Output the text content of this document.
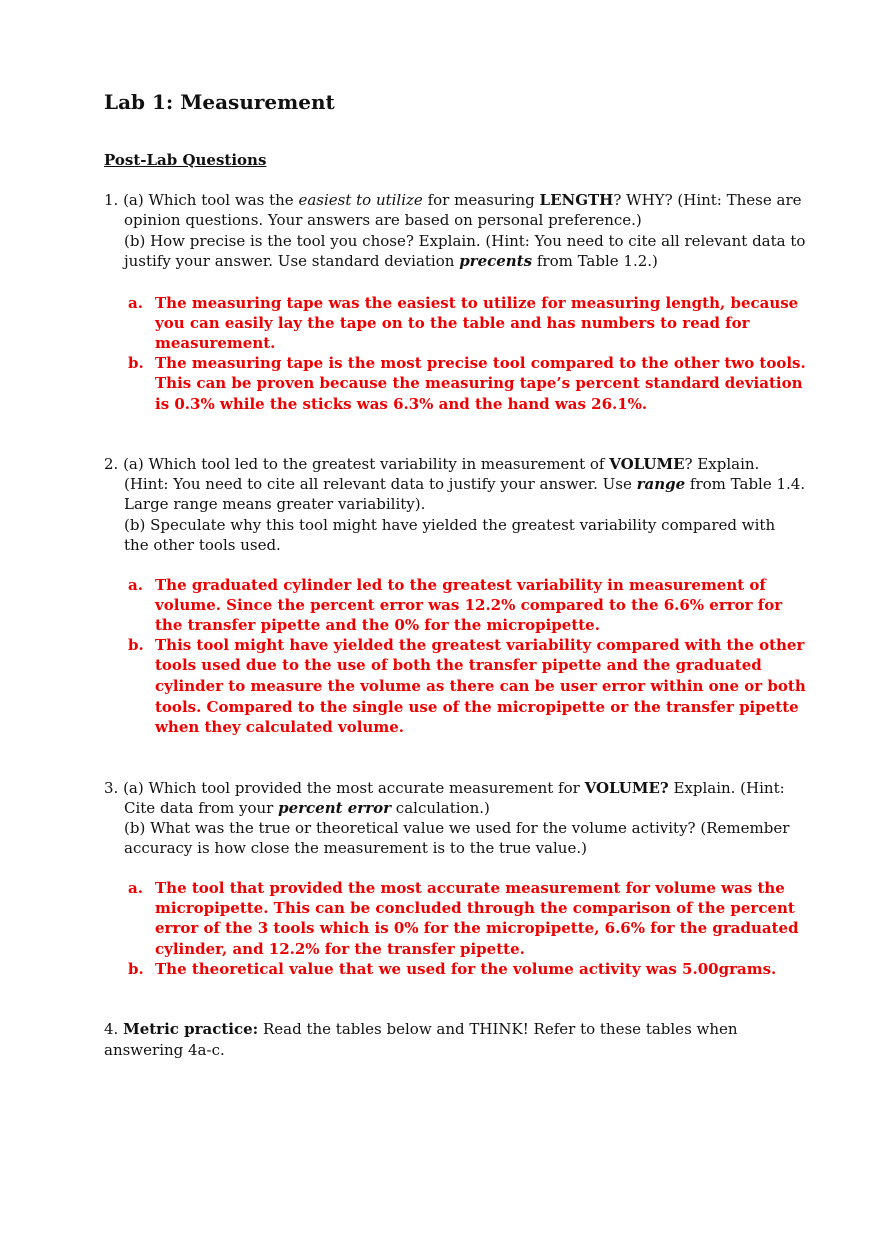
Lab 1: Measurement
Post-Lab Questions
1. (a) Which tool was the easiest to utilize for measuring LENGTH? WHY? (Hint: These are
opinion questions. Your answers are based on personal preference.)
(b) How precise is the tool you chose? Explain. (Hint: You need to cite all relevant data to
justify your answer. Use standard deviation precents from Table 1.2.)
a. The measuring tape was the easiest to utilize for measuring length, because
you can easily lay the tape on to the table and has numbers to read for
measurement.
b. The measuring tape is the most precise tool compared to the other two tools.
This can be proven because the measuring tape’s percent standard deviation
is 0.3% while the sticks was 6.3% and the hand was 26.1%.
2. (a) Which tool led to the greatest variability in measurement of VOLUME? Explain.
(Hint: You need to cite all relevant data to justify your answer. Use range from Table 1.4.
Large range means greater variability).
(b) Speculate why this tool might have yielded the greatest variability compared with
the other tools used.
a. The graduated cylinder led to the greatest variability in measurement of
volume. Since the percent error was 12.2% compared to the 6.6% error for
the transfer pipette and the 0% for the micropipette.
b. This tool might have yielded the greatest variability compared with the other
tools used due to the use of both the transfer pipette and the graduated
cylinder to measure the volume as there can be user error within one or both
tools. Compared to the single use of the micropipette or the transfer pipette
when they calculated volume.
3. (a) Which tool provided the most accurate measurement for VOLUME? Explain. (Hint:
Cite data from your percent error calculation.)
(b) What was the true or theoretical value we used for the volume activity? (Remember
accuracy is how close the measurement is to the true value.)
a. The tool that provided the most accurate measurement for volume was the
micropipette. This can be concluded through the comparison of the percent
error of the 3 tools which is 0% for the micropipette, 6.6% for the graduated
cylinder, and 12.2% for the transfer pipette.
b. The theoretical value that we used for the volume activity was 5.00grams.
4. Metric practice: Read the tables below and THINK! Refer to these tables when
answering 4a-c.
